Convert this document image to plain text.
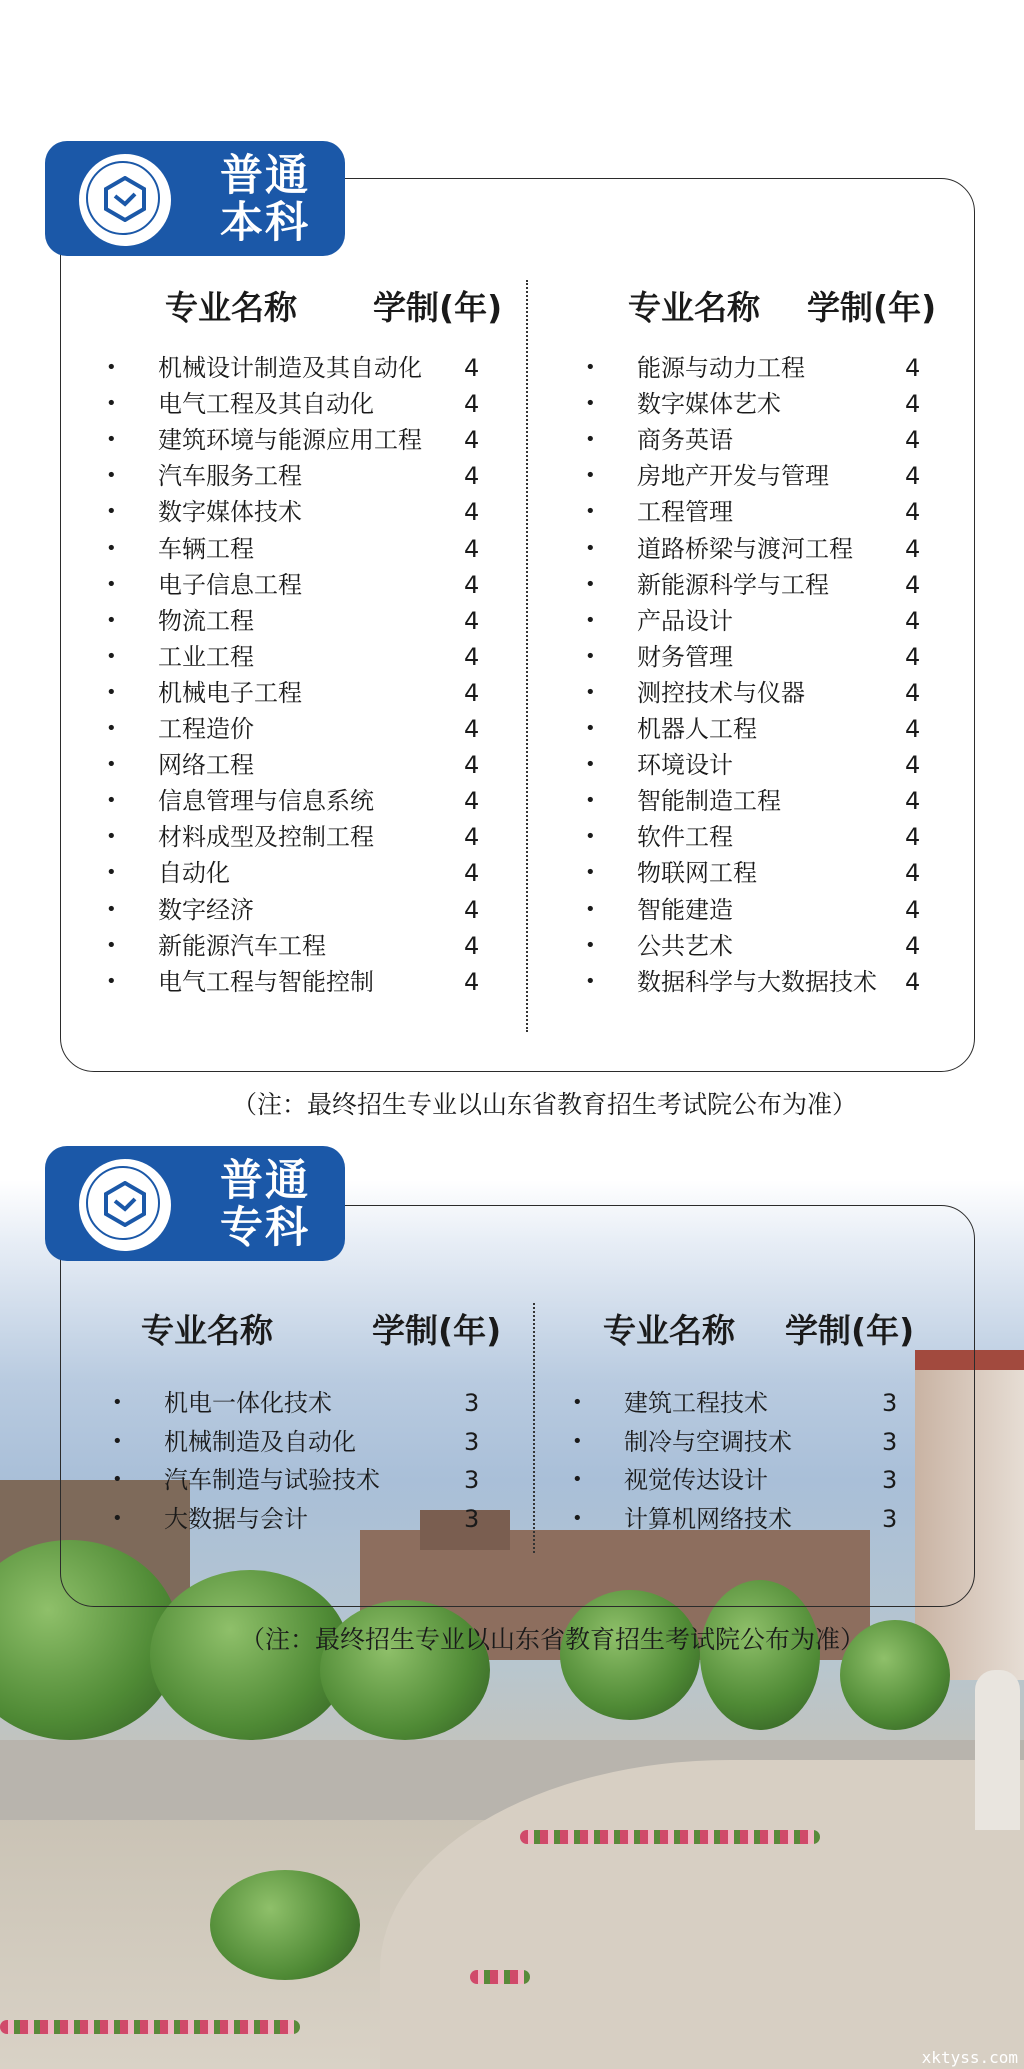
普通
本科
专业名称 学制(年)	专业名称 学制(年)
• 机械设计制造及其自动化 4
• 电气工程及其自动化	4
• 建筑环境与能源应用工程 4
• 汽车服务工程	4
• 数字媒体技术	4
• 车辆工程	4
• 电子信息工程	4
• 物流工程	4
• 工业工程	4
• 机械电子工程	4
• 工程造价	4
• 网络工程	4
• 信息管理与信息系统	4
• 材料成型及控制工程	4
• 自动化	4
• 数字经济	4
• 新能源汽车工程	4
• 电气工程与智能控制	4
• 能源与动力工程	4
• 数字媒体艺术	4
• 商务英语	4
• 房地产开发与管理	4
• 工程管理	4
• 道路桥梁与渡河工程 4
• 新能源科学与工程	4
• 产品设计	4
• 财务管理	4
• 测控技术与仪器	4
• 机器人工程	4
• 环境设计	4
• 智能制造工程	4
• 软件工程	4
• 物联网工程	4
• 智能建造	4
• 公共艺术	4
• 数据科学与大数据技术 4
（注：最终招生专业以山东省教育招生考试院公布为准）
普通
专科
专业名称	学制(年)	专业名称 学制(年)
• 机电一体化技术	3
• 机械制造及自动化	3
• 汽车制造与试验技术	3
• 大数据与会计	3
• 建筑工程技术	3
• 制冷与空调技术	3
• 视觉传达设计	3
• 计算机网络技术	3
（注：最终招生专业以山东省教育招生考试院公布为准）
xktyss.com
